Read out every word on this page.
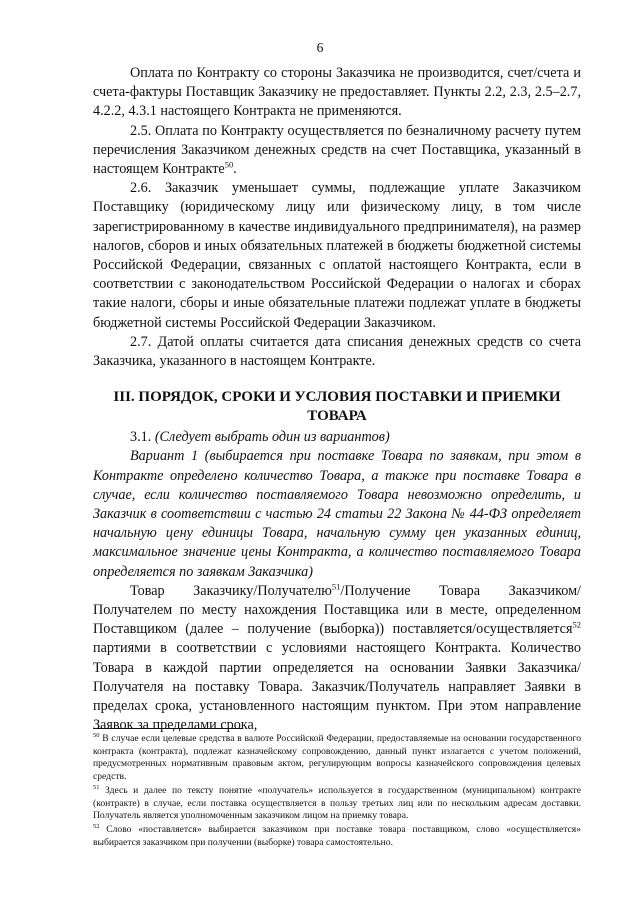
6

Оплата по Контракту со стороны Заказчика не производится, счет/счета и счета-фактуры Поставщик Заказчику не предоставляет. Пункты 2.2, 2.3, 2.5–2.7, 4.2.2, 4.3.1 настоящего Контракта не применяются.

2.5. Оплата по Контракту осуществляется по безналичному расчету путем перечисления Заказчиком денежных средств на счет Поставщика, указанный в настоящем Контракте$^{50}$.

2.6. Заказчик уменьшает суммы, подлежащие уплате Заказчиком Поставщику (юридическому лицу или физическому лицу, в том числе зарегистрированному в качестве индивидуального предпринимателя), на размер налогов, сборов и иных обязательных платежей в бюджеты бюджетной системы Российской Федерации, связанных с оплатой настоящего Контракта, если в соответствии с законодательством Российской Федерации о налогах и сборах такие налоги, сборы и иные обязательные платежи подлежат уплате в бюджеты бюджетной системы Российской Федерации Заказчиком.

2.7. Датой оплаты считается дата списания денежных средств со счета Заказчика, указанного в настоящем Контракте.

III. ПОРЯДОК, СРОКИ И УСЛОВИЯ ПОСТАВКИ И ПРИЕМКИ ТОВАРА

3.1. (Следует выбрать один из вариантов)

Вариант 1 (выбирается при поставке Товара по заявкам, при этом в Контракте определено количество Товара, а также при поставке Товара в случае, если количество поставляемого Товара невозможно определить, и Заказчик в соответствии с частью 24 статьи 22 Закона № 44-ФЗ определяет начальную цену единицы Товара, начальную сумму цен указанных единиц, максимальное значение цены Контракта, а количество поставляемого Товара определяется по заявкам Заказчика)

Товар Заказчику/Получателю$^{51}$/Получение Товара Заказчиком/Получателем по месту нахождения Поставщика или в месте, определенном Поставщиком (далее – получение (выборка)) поставляется/осуществляется$^{52}$ партиями в соответствии с условиями настоящего Контракта. Количество Товара в каждой партии определяется на основании Заявки Заказчика/Получателя на поставку Товара. Заказчик/Получатель направляет Заявки в пределах срока, установленного настоящим пунктом. При этом направление Заявок за пределами срока,

$^{50}$ В случае если целевые средства в валюте Российской Федерации, предоставляемые на основании государственного контракта (контракта), подлежат казначейскому сопровождению, данный пункт излагается с учетом положений, предусмотренных нормативным правовым актом, регулирующим вопросы казначейского сопровождения целевых средств.

$^{51}$ Здесь и далее по тексту понятие «получатель» используется в государственном (муниципальном) контракте (контракте) в случае, если поставка осуществляется в пользу третьих лиц или по нескольким адресам доставки. Получатель является уполномоченным заказчиком лицом на приемку товара.

$^{52}$ Слово «поставляется» выбирается заказчиком при поставке товара поставщиком, слово «осуществляется» выбирается заказчиком при получении (выборке) товара самостоятельно.
